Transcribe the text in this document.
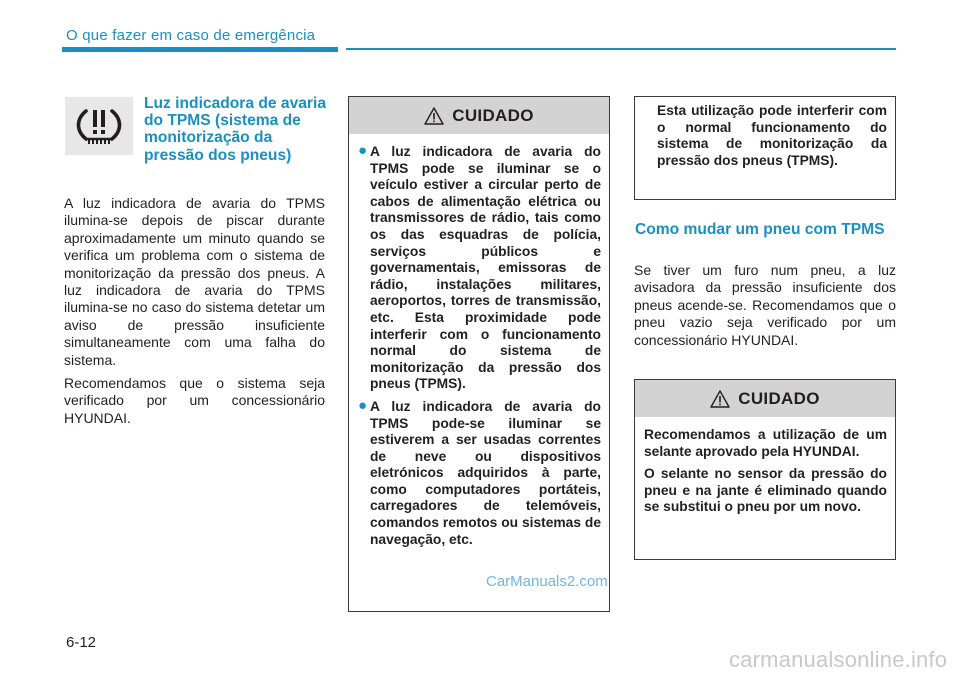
O que fazer em caso de emergência
Luz indicadora de avaria do TPMS (sistema de monitorização da pressão dos pneus)

A luz indicadora de avaria do TPMS ilumina-se depois de piscar durante aproximadamente um minuto quando se verifica um problema com o sistema de monitorização da pressão dos pneus. A luz indicadora de avaria do TPMS ilumina-se no caso do sistema detetar um aviso de pressão insuficiente simultaneamente com uma falha do sistema.

Recomendamos que o sistema seja verificado por um concessionário HYUNDAI.

CUIDADO
● A luz indicadora de avaria do TPMS pode se iluminar se o veículo estiver a circular perto de cabos de alimentação elétrica ou transmissores de rádio, tais como os das esquadras de polícia, serviços públicos e governamentais, emissoras de rádio, instalações militares, aeroportos, torres de transmissão, etc. Esta proximidade pode interferir com o funcionamento normal do sistema de monitorização da pressão dos pneus (TPMS).
● A luz indicadora de avaria do TPMS pode-se iluminar se estiverem a ser usadas correntes de neve ou dispositivos eletrónicos adquiridos à parte, como computadores portáteis, carregadores de telemóveis, comandos remotos ou sistemas de navegação, etc.
Esta utilização pode interferir com o normal funcionamento do sistema de monitorização da pressão dos pneus (TPMS).
Como mudar um pneu com TPMS
Se tiver um furo num pneu, a luz avisadora da pressão insuficiente dos pneus acende-se. Recomendamos que o pneu vazio seja verificado por um concessionário HYUNDAI.
CUIDADO

Recomendamos a utilização de um selante aprovado pela HYUNDAI.

O selante no sensor da pressão do pneu e na jante é eliminado quando se substitui o pneu por um novo.

6-12
CarManuals2.com
carmanualsonline.info
